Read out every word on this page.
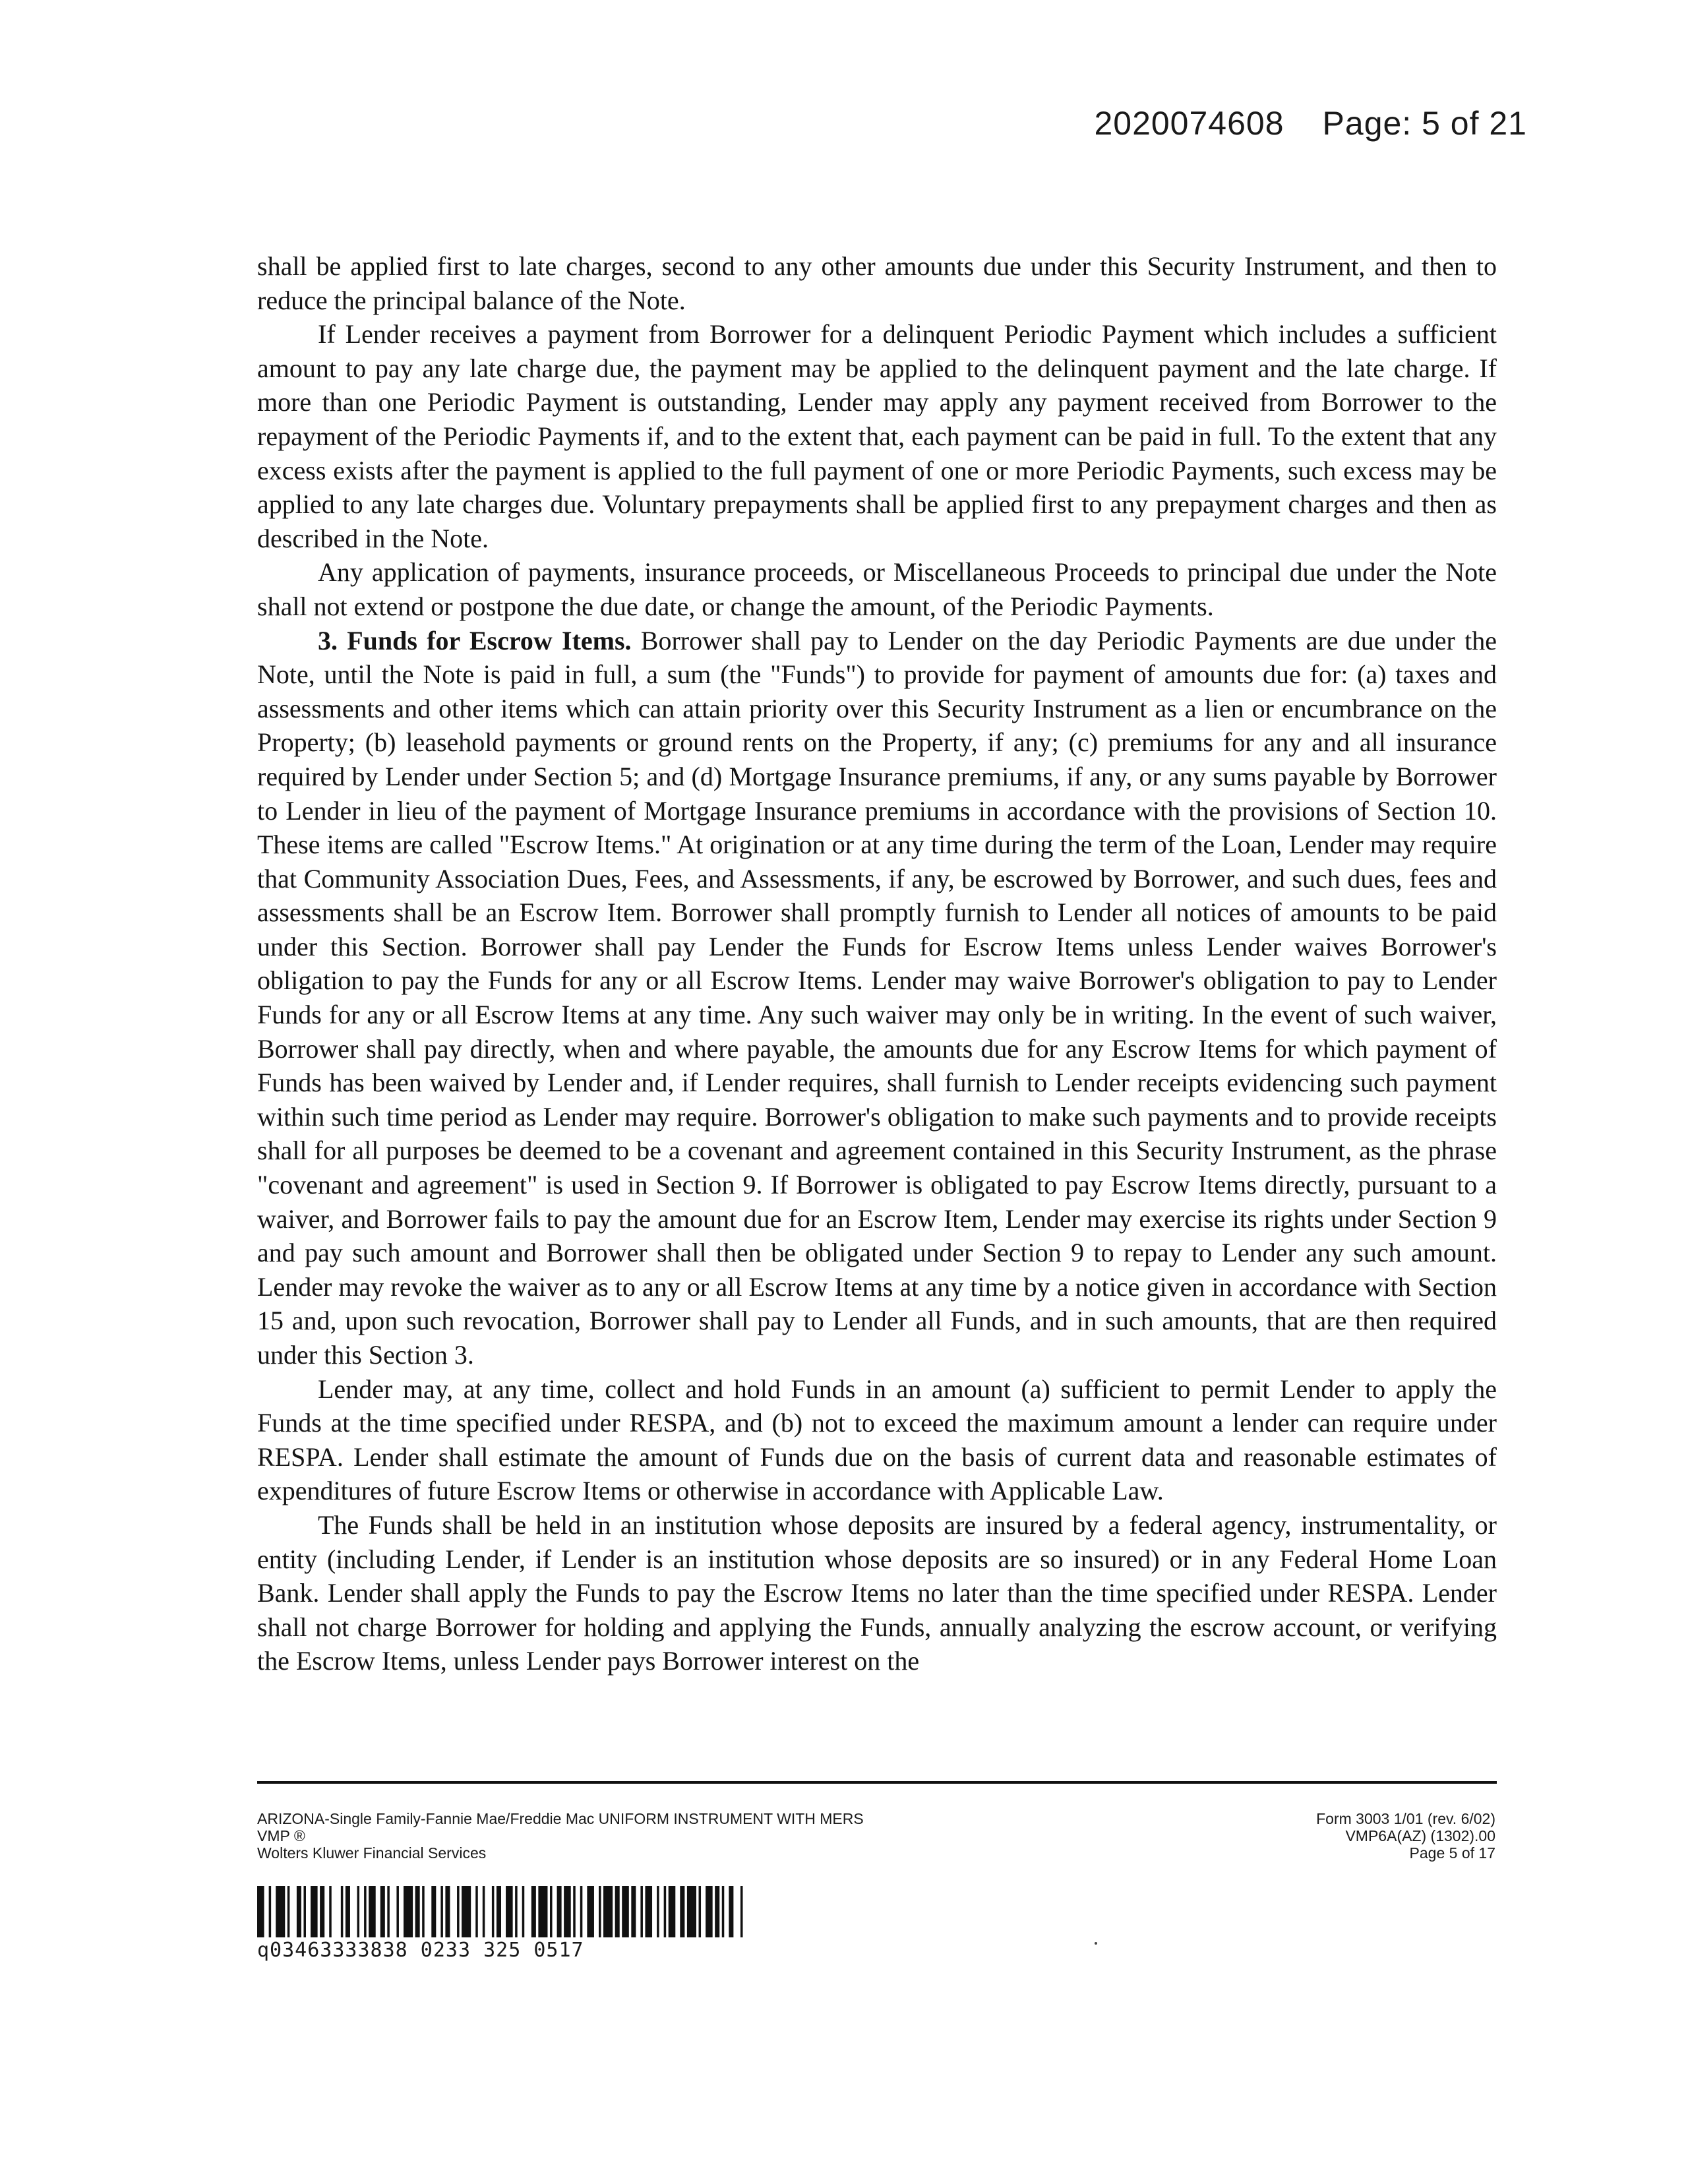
2020074608 Page: 5 of 21

shall be applied first to late charges, second to any other amounts due under this Security Instrument, and then to reduce the principal balance of the Note.

If Lender receives a payment from Borrower for a delinquent Periodic Payment which includes a sufficient amount to pay any late charge due, the payment may be applied to the delinquent payment and the late charge. If more than one Periodic Payment is outstanding, Lender may apply any payment received from Borrower to the repayment of the Periodic Payments if, and to the extent that, each payment can be paid in full. To the extent that any excess exists after the payment is applied to the full payment of one or more Periodic Payments, such excess may be applied to any late charges due. Voluntary prepayments shall be applied first to any prepayment charges and then as described in the Note.

Any application of payments, insurance proceeds, or Miscellaneous Proceeds to principal due under the Note shall not extend or postpone the due date, or change the amount, of the Periodic Payments.

3. Funds for Escrow Items. Borrower shall pay to Lender on the day Periodic Payments are due under the Note, until the Note is paid in full, a sum (the "Funds") to provide for payment of amounts due for: (a) taxes and assessments and other items which can attain priority over this Security Instrument as a lien or encumbrance on the Property; (b) leasehold payments or ground rents on the Property, if any; (c) premiums for any and all insurance required by Lender under Section 5; and (d) Mortgage Insurance premiums, if any, or any sums payable by Borrower to Lender in lieu of the payment of Mortgage Insurance premiums in accordance with the provisions of Section 10. These items are called "Escrow Items." At origination or at any time during the term of the Loan, Lender may require that Community Association Dues, Fees, and Assessments, if any, be escrowed by Borrower, and such dues, fees and assessments shall be an Escrow Item. Borrower shall promptly furnish to Lender all notices of amounts to be paid under this Section. Borrower shall pay Lender the Funds for Escrow Items unless Lender waives Borrower's obligation to pay the Funds for any or all Escrow Items. Lender may waive Borrower's obligation to pay to Lender Funds for any or all Escrow Items at any time. Any such waiver may only be in writing. In the event of such waiver, Borrower shall pay directly, when and where payable, the amounts due for any Escrow Items for which payment of Funds has been waived by Lender and, if Lender requires, shall furnish to Lender receipts evidencing such payment within such time period as Lender may require. Borrower's obligation to make such payments and to provide receipts shall for all purposes be deemed to be a covenant and agreement contained in this Security Instrument, as the phrase "covenant and agreement" is used in Section 9. If Borrower is obligated to pay Escrow Items directly, pursuant to a waiver, and Borrower fails to pay the amount due for an Escrow Item, Lender may exercise its rights under Section 9 and pay such amount and Borrower shall then be obligated under Section 9 to repay to Lender any such amount. Lender may revoke the waiver as to any or all Escrow Items at any time by a notice given in accordance with Section 15 and, upon such revocation, Borrower shall pay to Lender all Funds, and in such amounts, that are then required under this Section 3.

Lender may, at any time, collect and hold Funds in an amount (a) sufficient to permit Lender to apply the Funds at the time specified under RESPA, and (b) not to exceed the maximum amount a lender can require under RESPA. Lender shall estimate the amount of Funds due on the basis of current data and reasonable estimates of expenditures of future Escrow Items or otherwise in accordance with Applicable Law.

The Funds shall be held in an institution whose deposits are insured by a federal agency, instrumentality, or entity (including Lender, if Lender is an institution whose deposits are so insured) or in any Federal Home Loan Bank. Lender shall apply the Funds to pay the Escrow Items no later than the time specified under RESPA. Lender shall not charge Borrower for holding and applying the Funds, annually analyzing the escrow account, or verifying the Escrow Items, unless Lender pays Borrower interest on the

ARIZONA-Single Family-Fannie Mae/Freddie Mac UNIFORM INSTRUMENT WITH MERS
VMP ®
Wolters Kluwer Financial Services
Form 3003 1/01 (rev. 6/02)
VMP6A(AZ) (1302).00
Page 5 of 17
q03463333838 0233 325 0517
